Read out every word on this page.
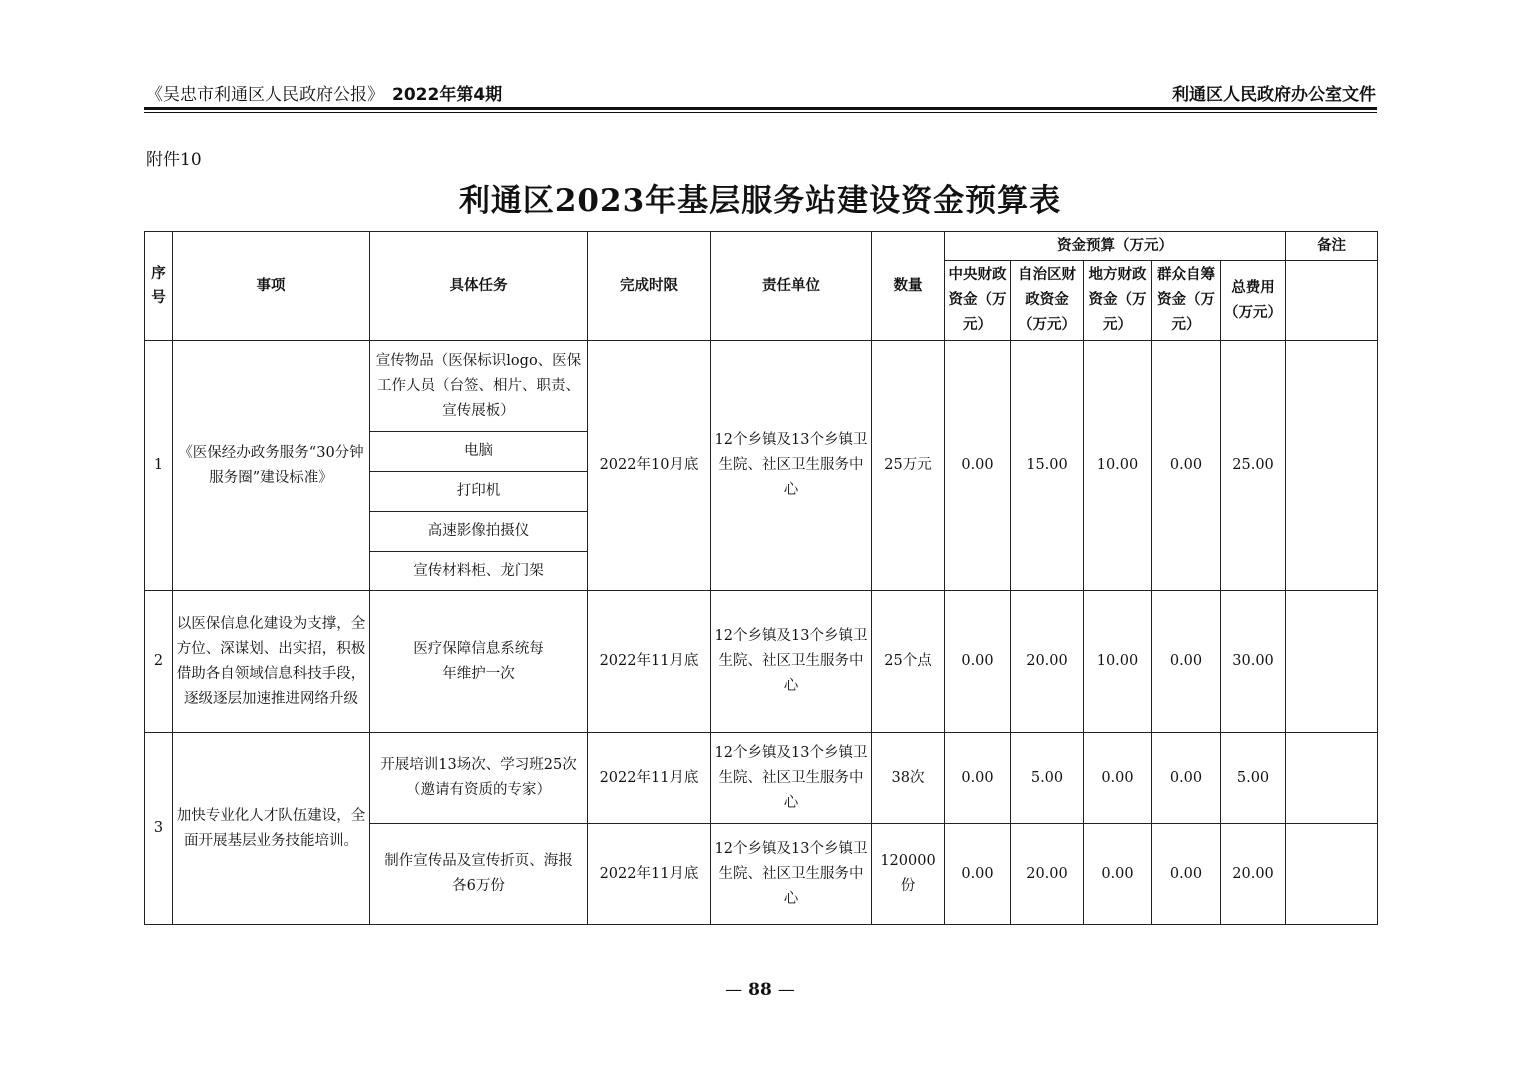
《吴忠市利通区人民政府公报》 2022年第4期	利通区人民政府办公室文件
附件10
利通区2023年基层服务站建设资金预算表
序号	事项	具体任务	完成时限	责任单位	数量	资金预算（万元）					备注
						中央财政资金（万元）	自治区财政资金（万元）	地方财政资金（万元）	群众自筹资金（万元）	总费用（万元）	
1	《医保经办政务服务“30分钟服务圈”建设标准》	宣传物品（医保标识logo、医保工作人员（台签、相片、职责、宣传展板）	2022年10月底	12个乡镇及13个乡镇卫生院、社区卫生服务中心	25万元	0.00	15.00	10.00	0.00	25.00	
		电脑									
		打印机									
		高速影像拍摄仪									
		宣传材料柜、龙门架									
2	以医保信息化建设为支撑，全方位、深谋划、出实招，积极借助各自领域信息科技手段，逐级逐层加速推进网络升级	医疗保障信息系统每年维护一次	2022年11月底	12个乡镇及13个乡镇卫生院、社区卫生服务中心	25个点	0.00	20.00	10.00	0.00	30.00	
3	加快专业化人才队伍建设，全面开展基层业务技能培训。	开展培训13场次、学习班25次（邀请有资质的专家）	2022年11月底	12个乡镇及13个乡镇卫生院、社区卫生服务中心	38次	0.00	5.00	0.00	0.00	5.00	
		制作宣传品及宣传折页、海报各6万份	2022年11月底	12个乡镇及13个乡镇卫生院、社区卫生服务中心	120000份	0.00	20.00	0.00	0.00	20.00	
— 88 —
